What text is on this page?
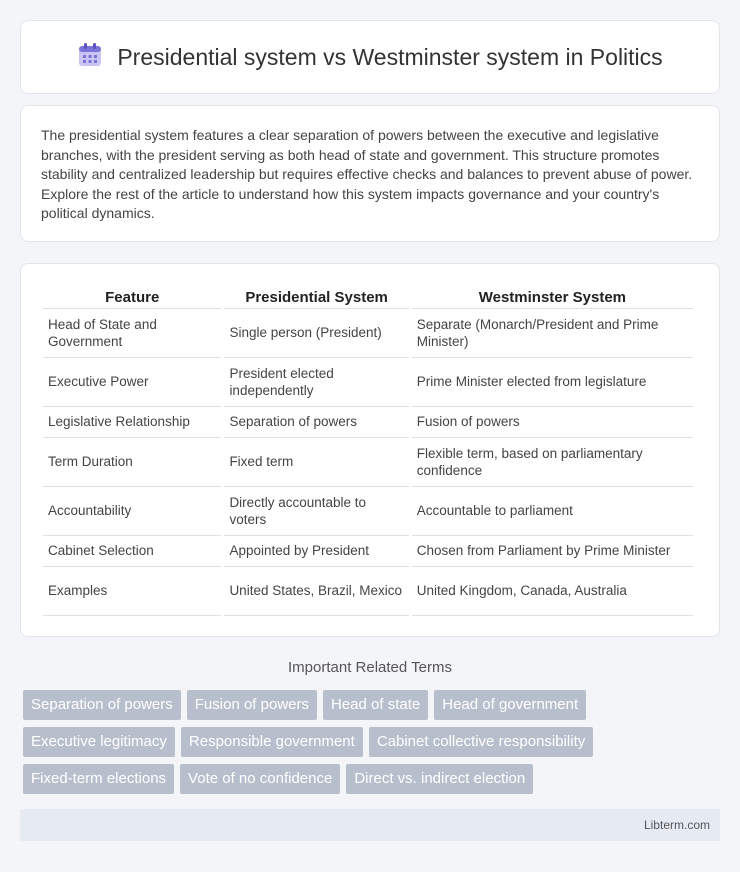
Presidential system vs Westminster system in Politics

The presidential system features a clear separation of powers between the executive and legislative branches, with the president serving as both head of state and government. This structure promotes stability and centralized leadership but requires effective checks and balances to prevent abuse of power. Explore the rest of the article to understand how this system impacts governance and your country's political dynamics.

Feature	Presidential System	Westminster System
Head of State and Government	Single person (President)	Separate (Monarch/President and Prime Minister)
Executive Power	President elected independently	Prime Minister elected from legislature
Legislative Relationship	Separation of powers	Fusion of powers
Term Duration	Fixed term	Flexible term, based on parliamentary confidence
Accountability	Directly accountable to voters	Accountable to parliament
Cabinet Selection	Appointed by President	Chosen from Parliament by Prime Minister
Examples	United States, Brazil, Mexico	United Kingdom, Canada, Australia
Important Related Terms
Separation of powers	Fusion of powers	Head of state	Head of government
Executive legitimacy	Responsible government	Cabinet collective responsibility
Fixed-term elections	Vote of no confidence	Direct vs. indirect election
Libterm.com
